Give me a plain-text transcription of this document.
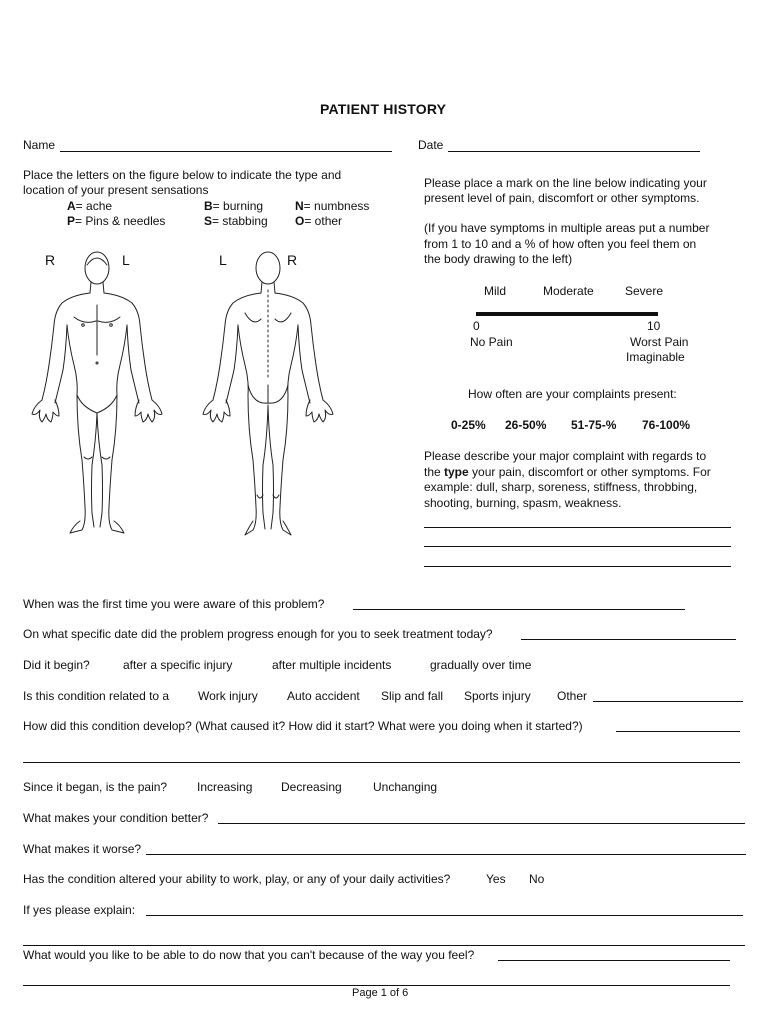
PATIENT HISTORY
Name	Date
Place the letters on the figure below to indicate the type and
location of your present sensations
A= ache	B= burning	N= numbness
P= Pins & needles	S= stabbing O= other
R	L	L	R
Please place a mark on the line below indicating your
present level of pain, discomfort or other symptoms.
(If you have symptoms in multiple areas put a number
from 1 to 10 and a % of how often you feel them on
the body drawing to the left)
Mild	Moderate	Severe
0	10
No Pain	Worst Pain
Imaginable
How often are your complaints present:
0-25% 26-50% 51-75-% 76-100%
Please describe your major complaint with regards to
the type your pain, discomfort or other symptoms. For
example: dull, sharp, soreness, stiffness, throbbing,
shooting, burning, spasm, weakness.
When was the first time you were aware of this problem?
On what specific date did the problem progress enough for you to seek treatment today?
Did it begin?	after a specific injury	after multiple incidents	gradually over time
Is this condition related to a Work injury Auto accident Slip and fall Sports injury Other
How did this condition develop? (What caused it? How did it start? What were you doing when it started?)
Since it began, is the pain? Increasing Decreasing	Unchanging
What makes your condition better?
What makes it worse?
Has the condition altered your ability to work, play, or any of your daily activities?	Yes No
If yes please explain:
What would you like to be able to do now that you can't because of the way you feel?
Page 1 of 6
